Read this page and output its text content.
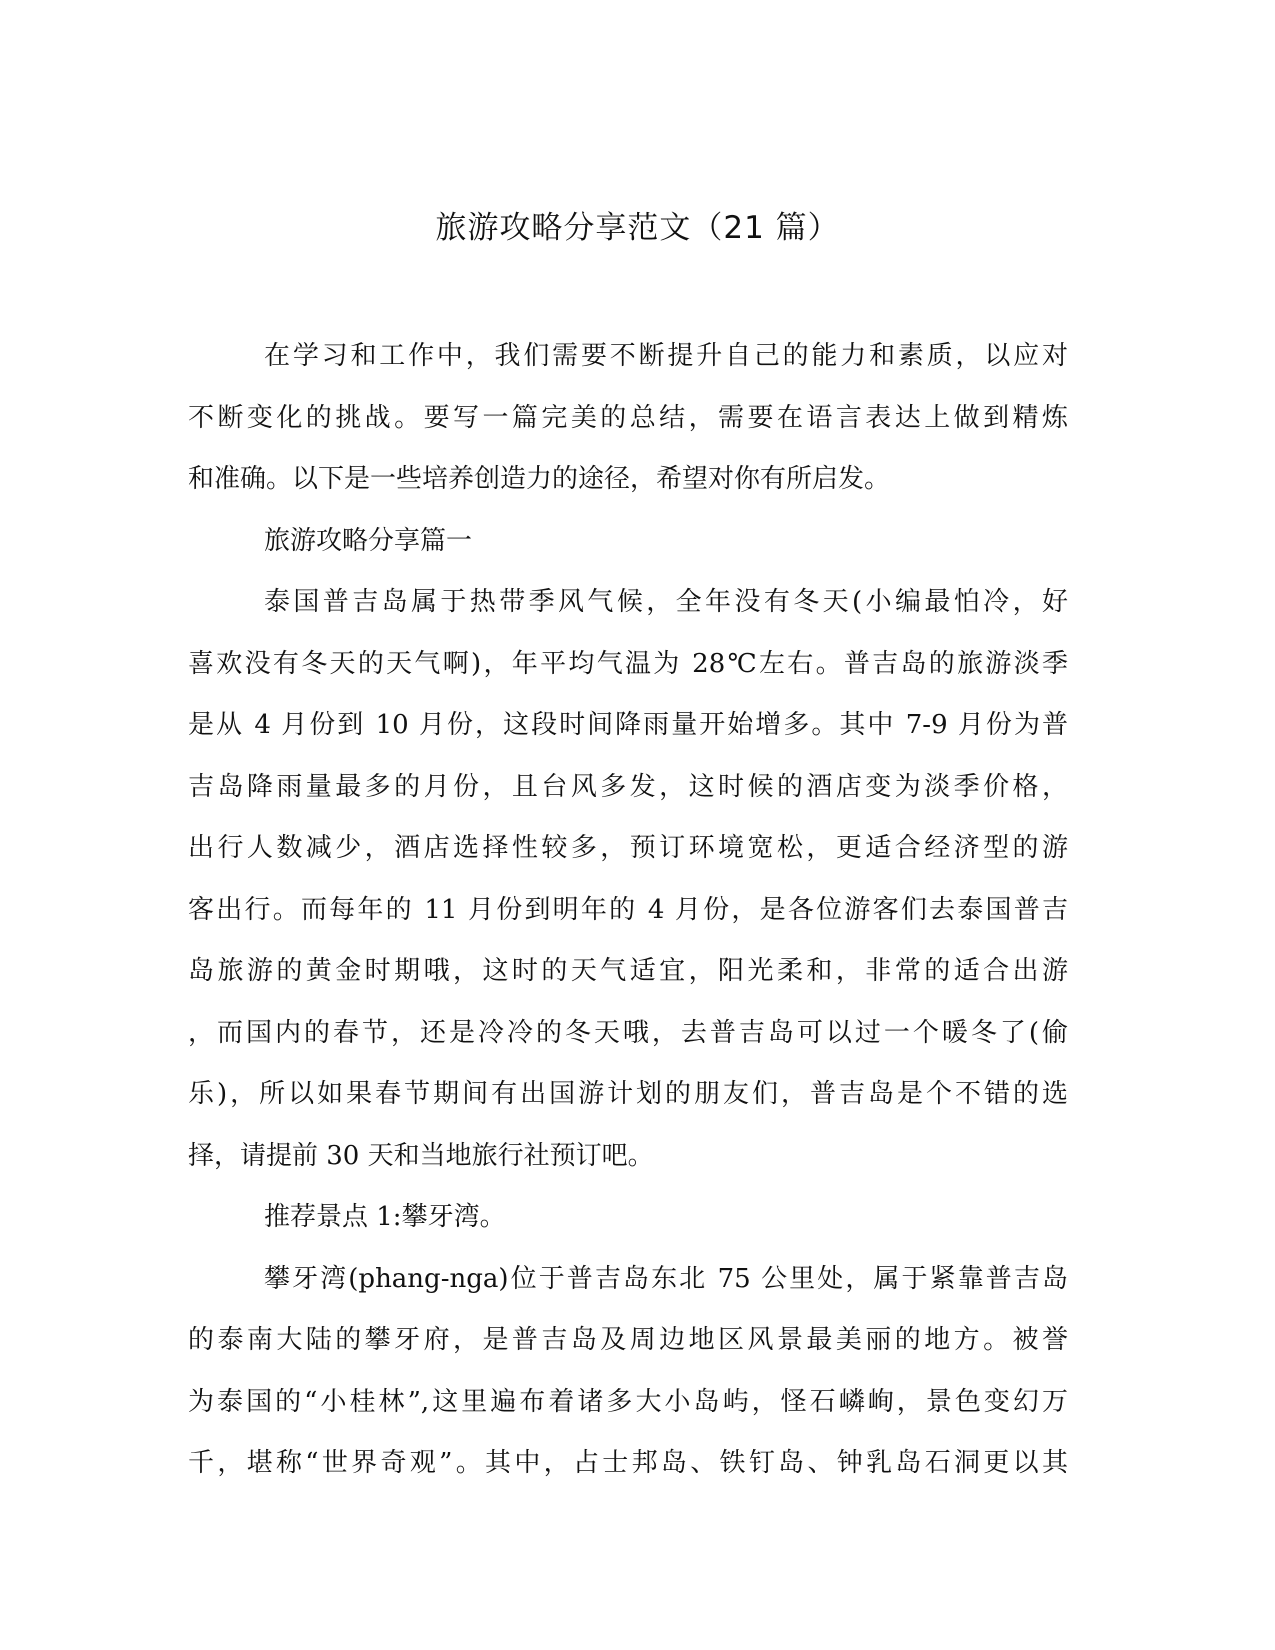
旅游攻略分享范文（21 篇）
在学习和工作中，我们需要不断提升自己的能力和素质，以应对
不断变化的挑战。要写一篇完美的总结，需要在语言表达上做到精炼
和准确。以下是一些培养创造力的途径，希望对你有所启发。
旅游攻略分享篇一
泰国普吉岛属于热带季风气候，全年没有冬天(小编最怕冷，好
喜欢没有冬天的天气啊)，年平均气温为 28℃左右。普吉岛的旅游淡季
是从 4 月份到 10 月份，这段时间降雨量开始增多。其中 7-9 月份为普
吉岛降雨量最多的月份，且台风多发，这时候的酒店变为淡季价格，
出行人数减少，酒店选择性较多，预订环境宽松，更适合经济型的游
客出行。而每年的 11 月份到明年的 4 月份，是各位游客们去泰国普吉
岛旅游的黄金时期哦，这时的天气适宜，阳光柔和，非常的适合出游
，而国内的春节，还是冷冷的冬天哦，去普吉岛可以过一个暖冬了(偷
乐)，所以如果春节期间有出国游计划的朋友们，普吉岛是个不错的选
择，请提前 30 天和当地旅行社预订吧。
推荐景点 1:攀牙湾。
攀牙湾(phang-nga)位于普吉岛东北 75 公里处，属于紧靠普吉岛
的泰南大陆的攀牙府，是普吉岛及周边地区风景最美丽的地方。被誉
为泰国的“小桂林”,这里遍布着诸多大小岛屿，怪石嶙峋，景色变幻万
千，堪称“世界奇观”。其中，占士邦岛、铁钉岛、钟乳岛石洞更以其
